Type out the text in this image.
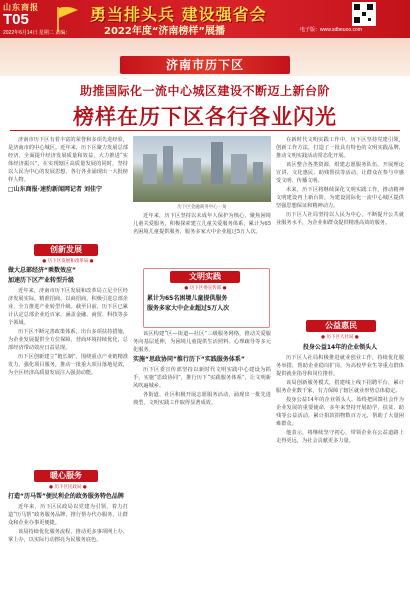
山东商报
T05
2022年6月14日 星期二 责编：
勇当排头兵 建设强省会
2022年度“济南榜样”展播	电子版：www.sdbeuoo.com
济南市历下区
助推国际化一流中心城区建设不断迈上新台阶
榜样在历下区各行各业闪光

济南市历下区有着丰富的荣誉和多项先进经验，是济南市的中心城区。近年来，历下区聚力发展总部经济，全面提升经济发展质量和效益，大力推进“实体经济振兴”，在实现辖区高质量发展的同时，坚持以人民为中心的发展思想，各行各业涌现出一大批榜样人物。

□山东商报·速豹新闻网记者 刘佳宁
创新发展
● 历下区发展和改革局 ●
做大总部经济“乘数效应”
加速历下区产业转型升级

近年来，济南市历下区发展和改革局立足全区经济发展实际，精准招商、以商招商，积极引进总部企业，全力推进产业转型升级。截至目前，历下区已累计认定总部企业近百家，涵盖金融、商贸、科技等多个领域。

历下区不断完善政策体系，出台多项扶持措施，为企业发展提供全方位保障，营商环境持续优化，总部经济带动效应日益显现。

历下区创新建立“链长制”，围绕重点产业链精准发力，强化项目服务，推动一批重大项目落地见效，为全区经济高质量发展注入强劲动能。

暖心服务
● 历下区民政局 ●
打造“历马帮”便民利企的政务服务特色品牌

近年来，历下区民政局以党建为引领，着力打造“历马帮”政务服务品牌，推行帮办代办服务，让群众和企业办事更便捷。

该局持续优化服务流程，推动更多事项网上办、掌上办，以实际行动擦亮为民服务底色。

历下区金融商务中心一角

近年来，历下区坚持以未成年人保护为核心，聚焦困境儿童关爱服务，积极探索建立儿童关爱服务体系，累计为65名困境儿童提供服务，服务多家大中企业超过5万人次。

文明实践
● 历下区委宣传部 ●
累计为65名困境儿童提供服务
服务多家大中企业超过5万人次

该区构建“区—街道—社区”三级服务网络，推动关爱服务向基层延伸，为困境儿童提供生活照料、心理疏导等多元化服务。

实施“思政协同”推行历下“实践服务体系”

历下区委宣传部坚持以新时代文明实践中心建设为抓手，实施“思政协同”，推行历下“实践服务体系”，让文明新风吹遍城乡。

各街道、社区积极开展志愿服务活动，涌现出一批先进典型，文明实践工作取得显著成效。

在新时代文明实践工作中，历下区坚持党建引领，创新工作方法，打造了一批具有特色的文明实践品牌，推动文明实践活动常态化开展。

该区整合各类资源，组建志愿服务队伍，开展理论宣讲、文化惠民、助残帮扶等活动，让群众在参与中感受文明、传播文明。

未来，历下区将继续深化文明实践工作，推动精神文明建设再上新台阶，为建设国际化一流中心城区提供坚强思想保证和精神动力。

历下区人社局坚持以人民为中心，不断提升公共就业服务水平，为企业和群众提供精准高效的服务。

公益惠民
● 历下区人社局 ●
投身公益14年的企业领头人

历下区人社局积极推进就业创业工作，持续优化服务举措，帮助企业稳岗扩岗，为高校毕业生等重点群体提供就业指导和岗位推荐。

该局创新服务模式，搭建线上线下招聘平台，累计服务企业数千家，有力保障了辖区就业形势总体稳定。

投身公益14年的企业领头人，始终把回馈社会作为企业发展的重要使命，多年来坚持开展助学、扶贫、助残等公益活动，累计捐款捐物数百万元，帮助了大量困难群众。

他表示，将继续坚守初心，带领企业在公益道路上走得更远，为社会贡献更多力量。
